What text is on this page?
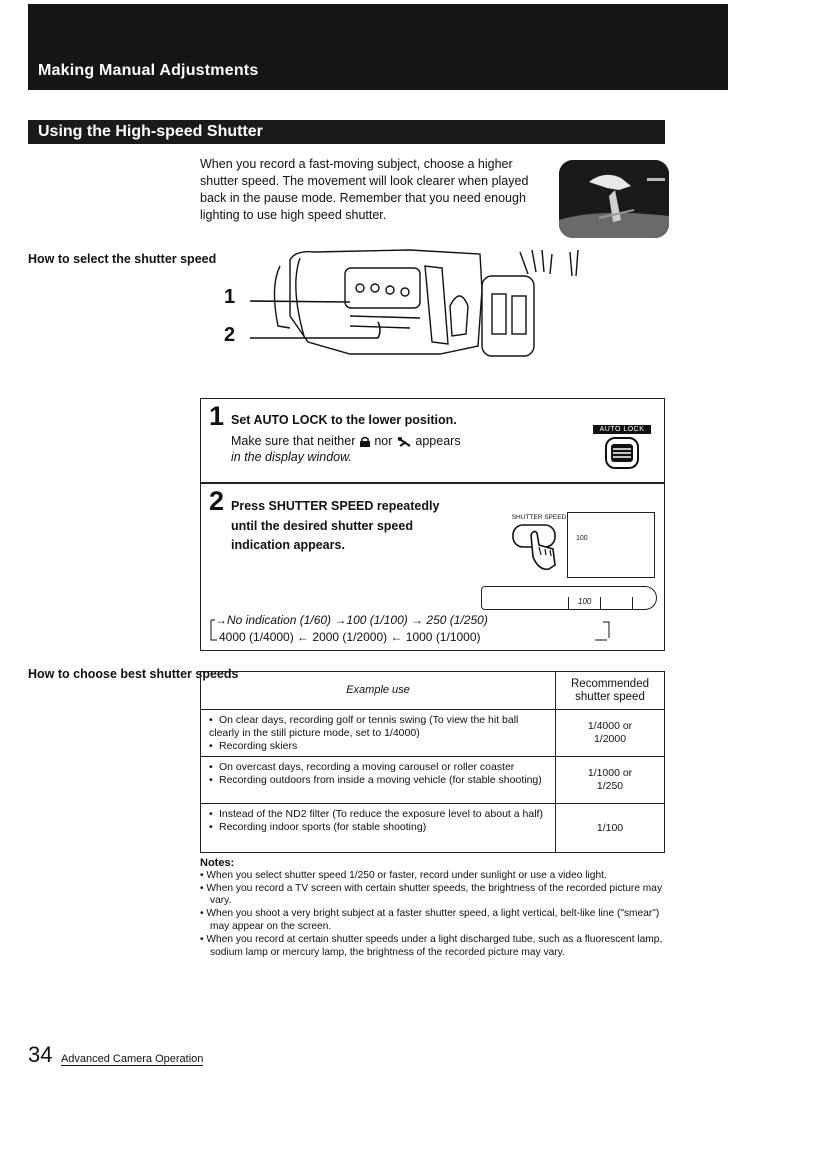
Making Manual Adjustments
Using the High-speed Shutter

When you record a fast-moving subject, choose a higher shutter speed. The movement will look clearer when played back in the pause mode. Remember that you need enough lighting to use high speed shutter.

How to select the shutter speed
1
2
1 Set AUTO LOCK to the lower position.
Make sure that neither nor appears
in the display window.
AUTO LOCK
2 Press SHUTTER SPEED repeatedly
until the desired shutter speed
indication appears.
SHUTTER SPEED
100
100
→No indication (1/60) →100 (1/100) → 250 (1/250)
4000 (1/4000) ← 2000 (1/2000) ← 1000 (1/1000)
How to choose best shutter speeds
Example use
Recommended
shutter speed
• On clear days, recording golf or tennis swing (To view the hit ball clearly in the still picture mode, set to 1/4000)
• Recording skiers
1/4000 or
1/2000
• On overcast days, recording a moving carousel or roller coaster
• Recording outdoors from inside a moving vehicle (for stable shooting)
1/1000 or
1/250
• Instead of the ND2 filter (To reduce the exposure level to about a half)
• Recording indoor sports (for stable shooting)	1/100
Notes:
• When you select shutter speed 1/250 or faster, record under sunlight or use a video light.
• When you record a TV screen with certain shutter speeds, the brightness of the recorded picture may vary.
• When you shoot a very bright subject at a faster shutter speed, a light vertical, belt-like line ("smear") may appear on the screen.
• When you record at certain shutter speeds under a light discharged tube, such as a fluorescent lamp, sodium lamp or mercury lamp, the brightness of the recorded picture may vary.
34 Advanced Camera Operation
